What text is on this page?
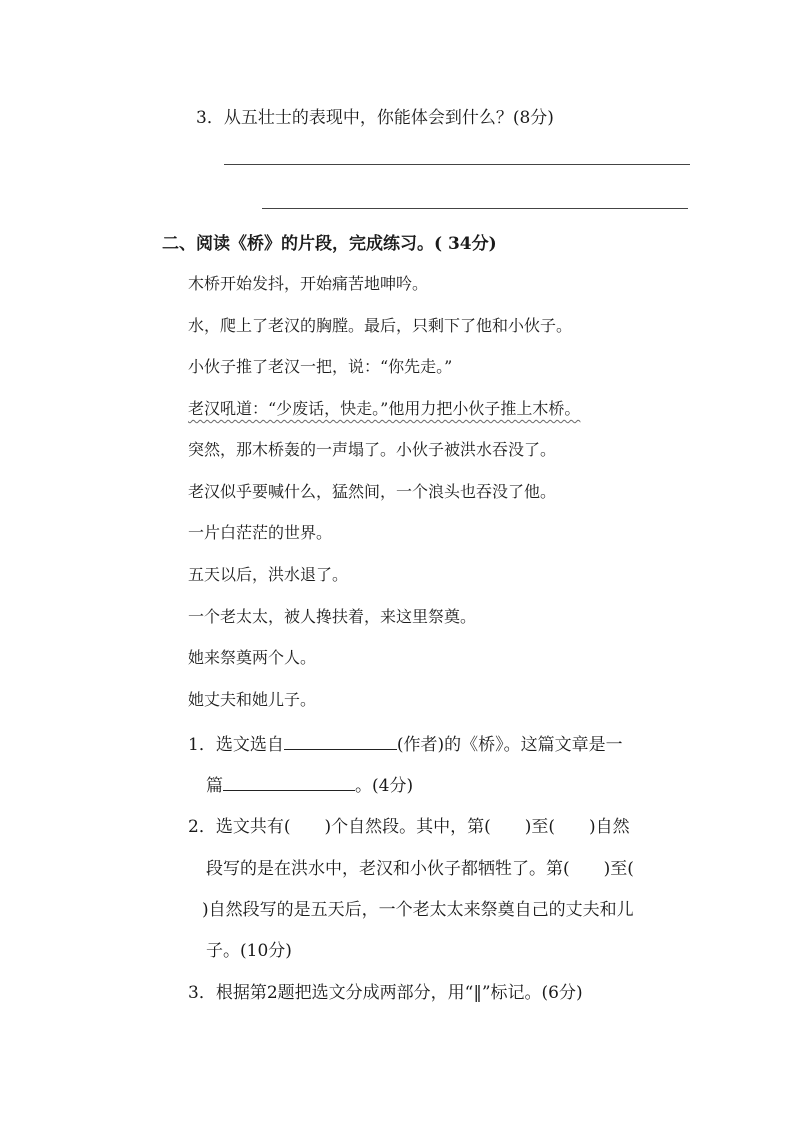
3．从五壮士的表现中，你能体会到什么？(8分)
二、阅读《桥》的片段，完成练习。( 34分)
木桥开始发抖，开始痛苦地呻吟。
水，爬上了老汉的胸膛。最后，只剩下了他和小伙子。
小伙子推了老汉一把，说：“你先走。”
老汉吼道：“少废话，快走。”他用力把小伙子推上木桥。
突然，那木桥轰的一声塌了。小伙子被洪水吞没了。
老汉似乎要喊什么，猛然间，一个浪头也吞没了他。
一片白茫茫的世界。
五天以后，洪水退了。
一个老太太，被人搀扶着，来这里祭奠。
她来祭奠两个人。
她丈夫和她儿子。
1．选文选自	(作者)的《桥》。这篇文章是一
篇	。(4分)
2．选文共有( )个自然段。其中，第( )至( )自然
段写的是在洪水中，老汉和小伙子都牺牲了。第( )至(
)自然段写的是五天后，一个老太太来祭奠自己的丈夫和儿
子。(10分)
3．根据第2题把选文分成两部分，用“‖”标记。(6分)
